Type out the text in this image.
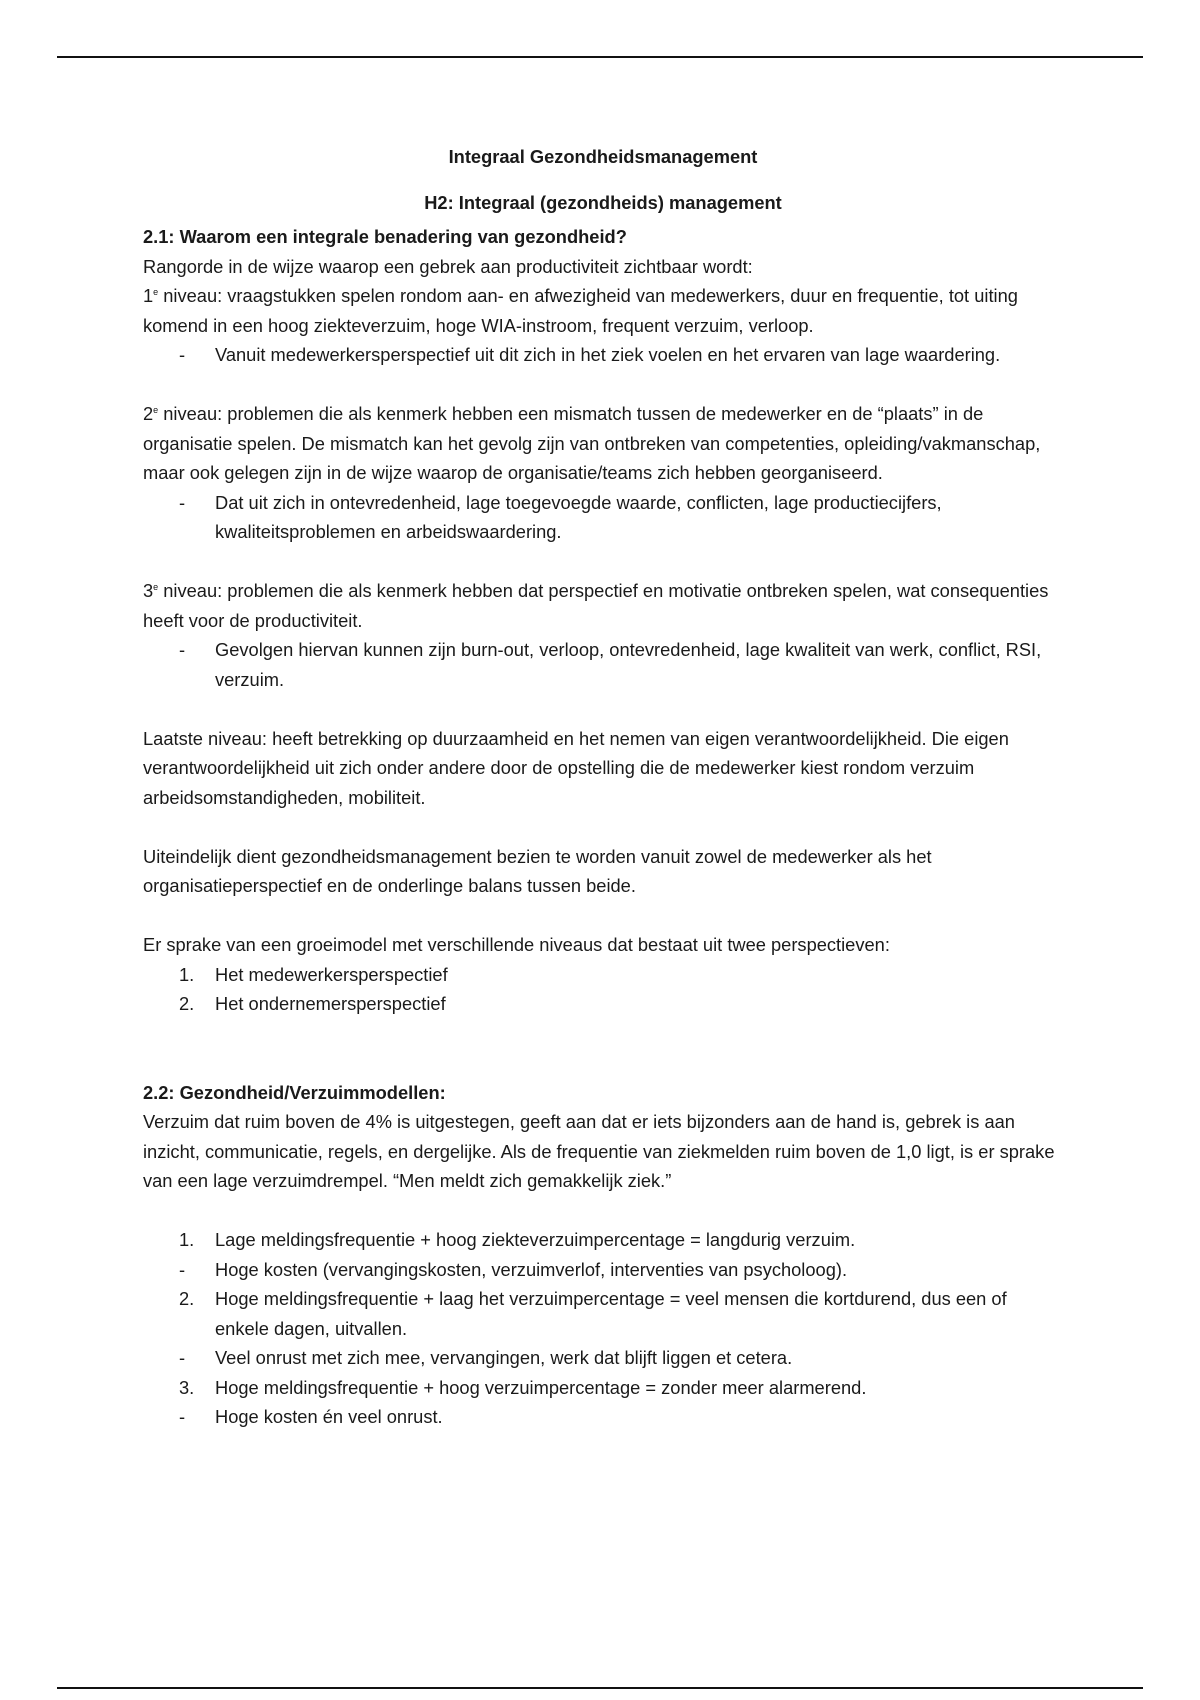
Integraal Gezondheidsmanagement

H2: Integraal (gezondheids) management

2.1: Waarom een integrale benadering van gezondheid?

Rangorde in de wijze waarop een gebrek aan productiviteit zichtbaar wordt:

1e niveau: vraagstukken spelen rondom aan- en afwezigheid van medewerkers, duur en frequentie, tot uiting komend in een hoog ziekteverzuim, hoge WIA-instroom, frequent verzuim, verloop.

- Vanuit medewerkersperspectief uit dit zich in het ziek voelen en het ervaren van lage waardering.

2e niveau: problemen die als kenmerk hebben een mismatch tussen de medewerker en de “plaats” in de organisatie spelen. De mismatch kan het gevolg zijn van ontbreken van competenties, opleiding/vakmanschap, maar ook gelegen zijn in de wijze waarop de organisatie/teams zich hebben georganiseerd.

- Dat uit zich in ontevredenheid, lage toegevoegde waarde, conflicten, lage productiecijfers, kwaliteitsproblemen en arbeidswaardering.

3e niveau: problemen die als kenmerk hebben dat perspectief en motivatie ontbreken spelen, wat consequenties heeft voor de productiviteit.

- Gevolgen hiervan kunnen zijn burn-out, verloop, ontevredenheid, lage kwaliteit van werk, conflict, RSI, verzuim.

Laatste niveau: heeft betrekking op duurzaamheid en het nemen van eigen verantwoordelijkheid. Die eigen verantwoordelijkheid uit zich onder andere door de opstelling die de medewerker kiest rondom verzuim arbeidsomstandigheden, mobiliteit.

Uiteindelijk dient gezondheidsmanagement bezien te worden vanuit zowel de medewerker als het organisatieperspectief en de onderlinge balans tussen beide.

Er sprake van een groeimodel met verschillende niveaus dat bestaat uit twee perspectieven:

1. Het medewerkersperspectief
2. Het ondernemersperspectief

2.2: Gezondheid/Verzuimmodellen:

Verzuim dat ruim boven de 4% is uitgestegen, geeft aan dat er iets bijzonders aan de hand is, gebrek is aan inzicht, communicatie, regels, en dergelijke. Als de frequentie van ziekmelden ruim boven de 1,0 ligt, is er sprake van een lage verzuimdrempel. “Men meldt zich gemakkelijk ziek.”

1. Lage meldingsfrequentie + hoog ziekteverzuimpercentage = langdurig verzuim.
- Hoge kosten (vervangingskosten, verzuimverlof, interventies van psycholoog).
2. Hoge meldingsfrequentie + laag het verzuimpercentage = veel mensen die kortdurend, dus een of enkele dagen, uitvallen.
- Veel onrust met zich mee, vervangingen, werk dat blijft liggen et cetera.
3. Hoge meldingsfrequentie + hoog verzuimpercentage = zonder meer alarmerend.
- Hoge kosten én veel onrust.
